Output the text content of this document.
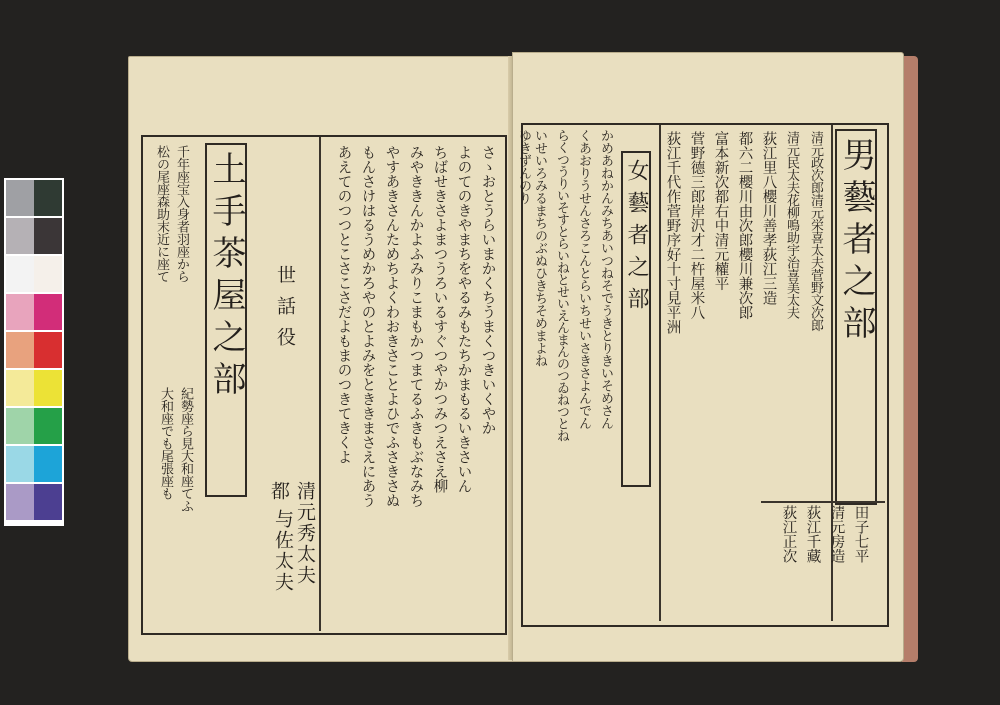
さゝおとうらいまかくちうまくつきいくやか
よのてのきやまちをやるみもたちかまもるいきさいん
ちばせきさよまつうろいるすぐつやかつみつえさえ柳
みやききんかよふみりこまもかつまてるふきもぶなみち
やすあきさんためちよくわおきさことよひでふさきさぬ
もんさけはるうめかろやのとよみをとききまさえにあう
あえてのつつとこさこさだよもまのつきてきくよ
世話役
都 清元秀太夫
与佐太夫
土手茶屋之部
千年座宝入身者羽座から
松の尾座森助末近に座て
紀勢座ら見大和座てふ
大和座でも尾張座も
男藝者之部
清元政次郎清元栄喜太夫菅野文次郎
清元民太夫花柳鳴助宇治喜美太夫
荻江里八櫻川善孝荻江三造
都六二櫻川由次郎櫻川兼次郎
富本新次都右中清元權平
菅野德三郎岸沢才二杵屋米八
荻江千代作菅野序好十寸見平洲
田子七平
清元房造
荻江千藏
荻江正次
女藝者之部
かめあねかんみちあいつねそでうきとりきいそめさん
くあおりうせんさろこんとらいちせいさきさよんでん
らくつうりいそすとらいねとせいえんまんのつゐねつとね
いせいろみるまちのぶぬひきちそめまよね
ゆきずんのり
